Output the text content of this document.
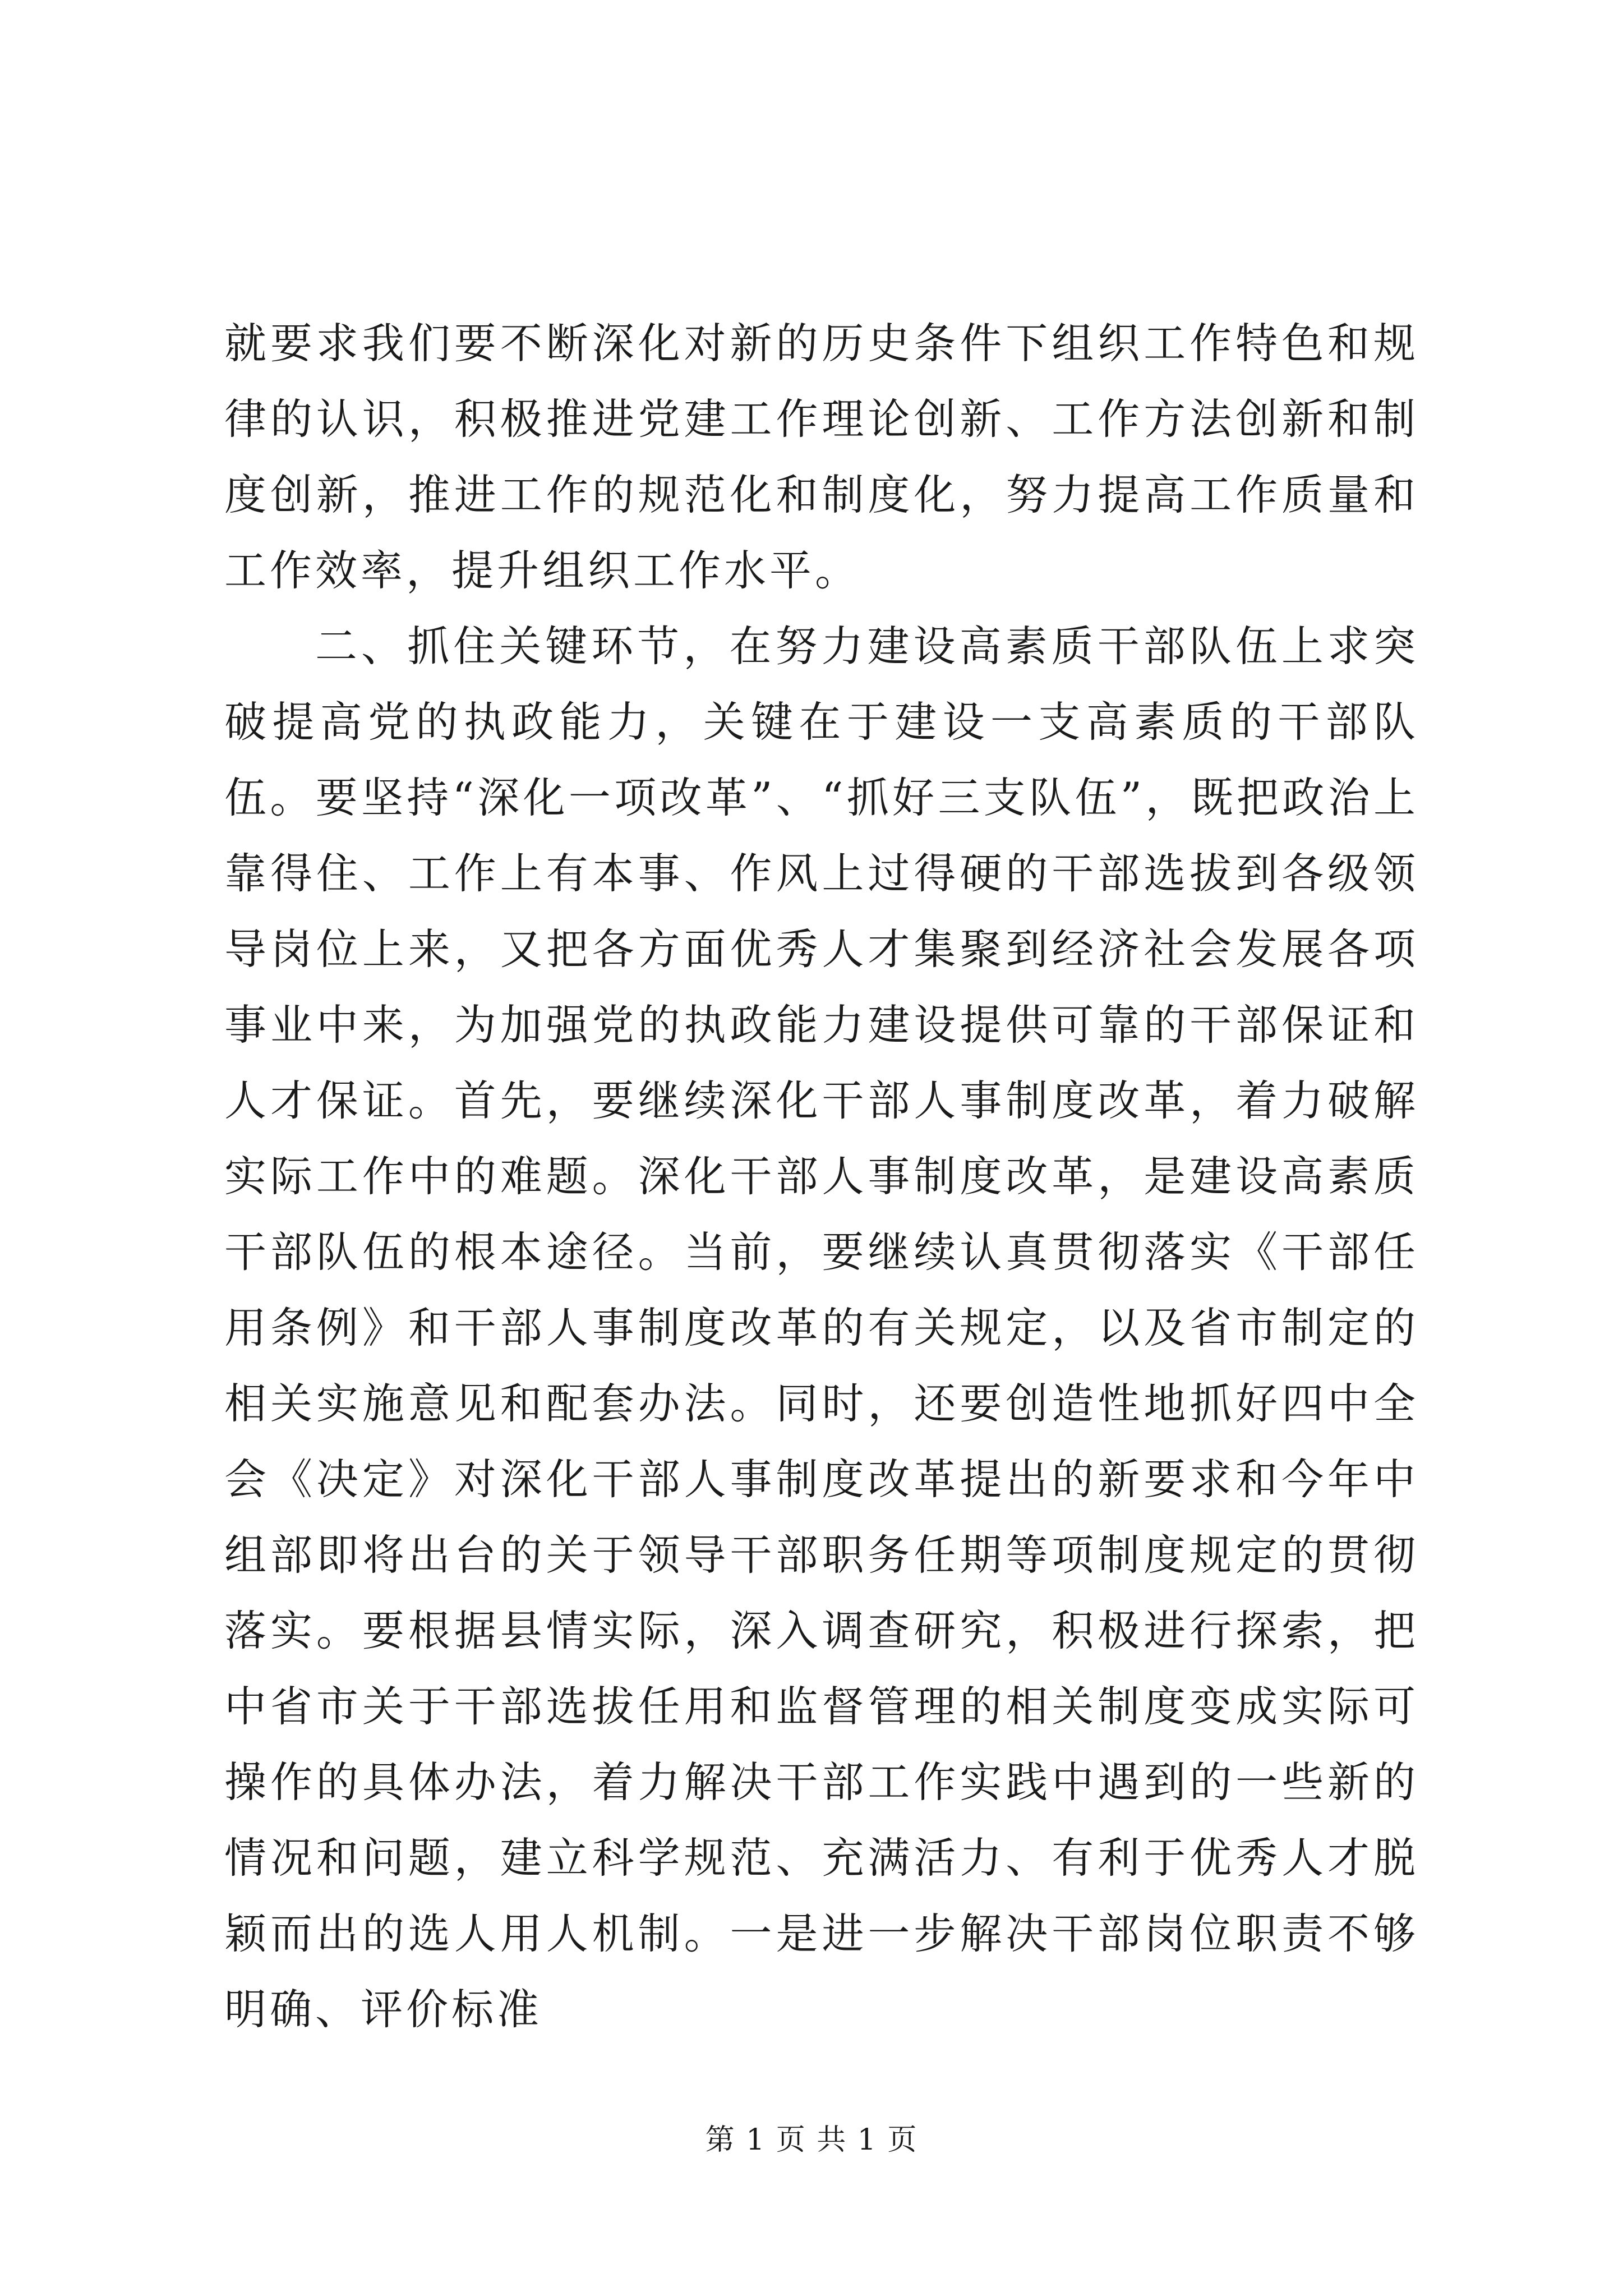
就要求我们要不断深化对新的历史条件下组织工作特色和规律的认识，积极推进党建工作理论创新、工作方法创新和制度创新，推进工作的规范化和制度化，努力提高工作质量和工作效率，提升组织工作水平。

二、抓住关键环节，在努力建设高素质干部队伍上求突破提高党的执政能力，关键在于建设一支高素质的干部队伍。要坚持“深化一项改革”、“抓好三支队伍”，既把政治上靠得住、工作上有本事、作风上过得硬的干部选拔到各级领导岗位上来，又把各方面优秀人才集聚到经济社会发展各项事业中来，为加强党的执政能力建设提供可靠的干部保证和人才保证。首先，要继续深化干部人事制度改革，着力破解实际工作中的难题。深化干部人事制度改革，是建设高素质干部队伍的根本途径。当前，要继续认真贯彻落实《干部任用条例》和干部人事制度改革的有关规定，以及省市制定的相关实施意见和配套办法。同时，还要创造性地抓好四中全会《决定》对深化干部人事制度改革提出的新要求和今年中组部即将出台的关于领导干部职务任期等项制度规定的贯彻落实。要根据县情实际，深入调查研究，积极进行探索，把中省市关于干部选拔任用和监督管理的相关制度变成实际可操作的具体办法，着力解决干部工作实践中遇到的一些新的情况和问题，建立科学规范、充满活力、有利于优秀人才脱颖而出的选人用人机制。一是进一步解决干部岗位职责不够明确、评价标准

第 1 页 共 1 页
